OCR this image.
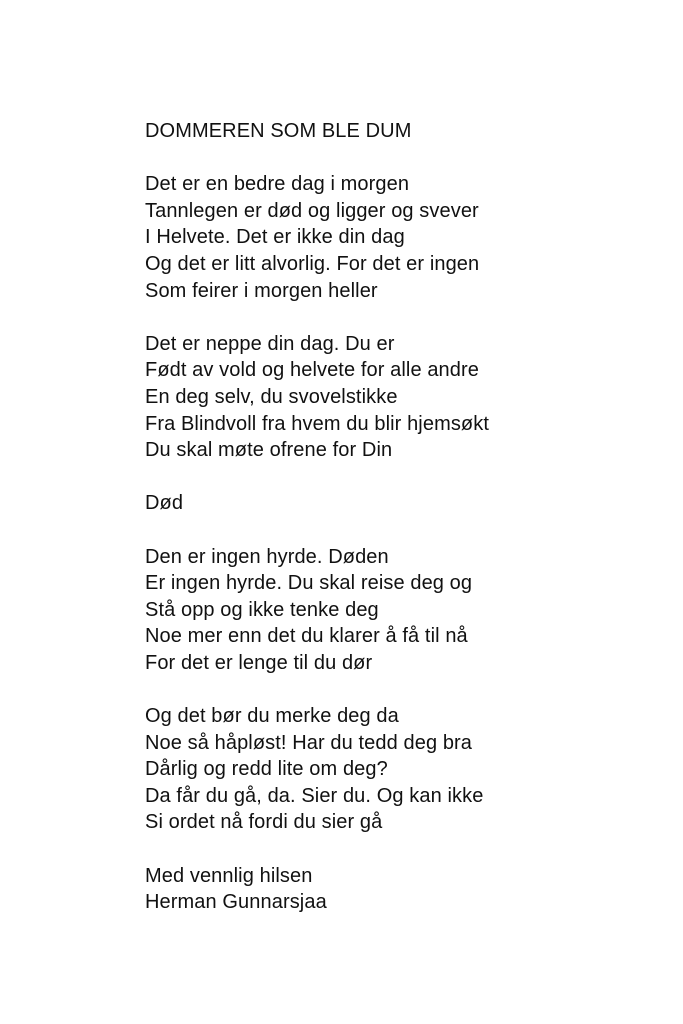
DOMMEREN SOM BLE DUM
Det er en bedre dag i morgen
Tannlegen er død og ligger og svever
I Helvete. Det er ikke din dag
Og det er litt alvorlig. For det er ingen
Som feirer i morgen heller
Det er neppe din dag. Du er
Født av vold og helvete for alle andre
En deg selv, du svovelstikke
Fra Blindvoll fra hvem du blir hjemsøkt
Du skal møte ofrene for Din
Død
Den er ingen hyrde. Døden
Er ingen hyrde. Du skal reise deg og
Stå opp og ikke tenke deg
Noe mer enn det du klarer å få til nå
For det er lenge til du dør
Og det bør du merke deg da
Noe så håpløst! Har du tedd deg bra
Dårlig og redd lite om deg?
Da får du gå, da. Sier du. Og kan ikke
Si ordet nå fordi du sier gå
Med vennlig hilsen
Herman Gunnarsjaa
